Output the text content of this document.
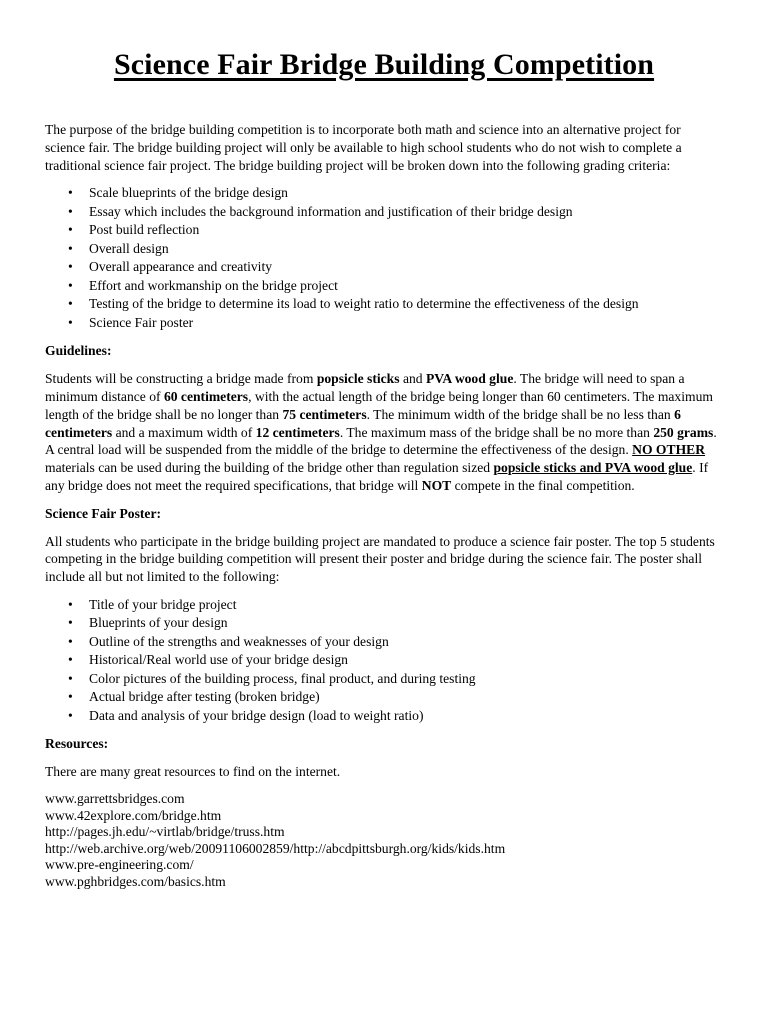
Science Fair Bridge Building Competition

The purpose of the bridge building competition is to incorporate both math and science into an alternative project for science fair. The bridge building project will only be available to high school students who do not wish to complete a traditional science fair project. The bridge building project will be broken down into the following grading criteria:

• Scale blueprints of the bridge design
• Essay which includes the background information and justification of their bridge design
• Post build reflection
• Overall design
• Overall appearance and creativity
• Effort and workmanship on the bridge project
• Testing of the bridge to determine its load to weight ratio to determine the effectiveness of the design
• Science Fair poster

Guidelines:

Students will be constructing a bridge made from popsicle sticks and PVA wood glue. The bridge will need to span a minimum distance of 60 centimeters, with the actual length of the bridge being longer than 60 centimeters. The maximum length of the bridge shall be no longer than 75 centimeters. The minimum width of the bridge shall be no less than 6 centimeters and a maximum width of 12 centimeters. The maximum mass of the bridge shall be no more than 250 grams. A central load will be suspended from the middle of the bridge to determine the effectiveness of the design. NO OTHER materials can be used during the building of the bridge other than regulation sized popsicle sticks and PVA wood glue. If any bridge does not meet the required specifications, that bridge will NOT compete in the final competition.

Science Fair Poster:

All students who participate in the bridge building project are mandated to produce a science fair poster. The top 5 students competing in the bridge building competition will present their poster and bridge during the science fair. The poster shall include all but not limited to the following:

• Title of your bridge project
• Blueprints of your design
• Outline of the strengths and weaknesses of your design
• Historical/Real world use of your bridge design
• Color pictures of the building process, final product, and during testing
• Actual bridge after testing (broken bridge)
• Data and analysis of your bridge design (load to weight ratio)

Resources:

There are many great resources to find on the internet.

www.garrettsbridges.com
www.42explore.com/bridge.htm
http://pages.jh.edu/~virtlab/bridge/truss.htm
http://web.archive.org/web/20091106002859/http://abcdpittsburgh.org/kids/kids.htm
www.pre-engineering.com/
www.pghbridges.com/basics.htm
